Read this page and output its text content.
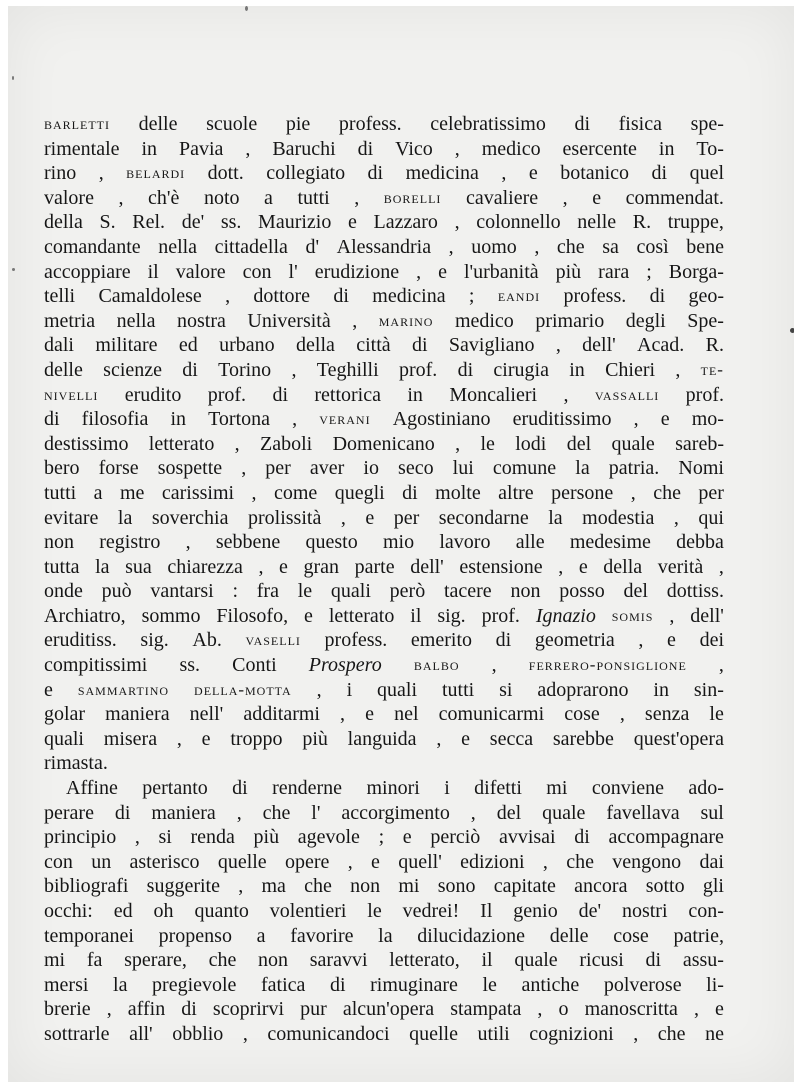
barletti delle scuole pie profess. celebratissimo di fisica spe-
rimentale in Pavia , Baruchi di Vico , medico esercente in To-
rino , belardi dott. collegiato di medicina , e botanico di quel
valore , ch'è noto a tutti , borelli cavaliere , e commendat.
della S. Rel. de' ss. Maurizio e Lazzaro , colonnello nelle R. truppe,
comandante nella cittadella d' Alessandria , uomo , che sa così bene
accoppiare il valore con l' erudizione , e l'urbanità più rara ; Borga-
telli Camaldolese , dottore di medicina ; eandi profess. di geo-
metria nella nostra Università , marino medico primario degli Spe-
dali militare ed urbano della città di Savigliano , dell' Acad. R.
delle scienze di Torino , Teghilli prof. di cirugia in Chieri , te-
nivelli erudito prof. di rettorica in Moncalieri , vassalli prof.
di filosofia in Tortona , verani Agostiniano eruditissimo , e mo-
destissimo letterato , Zaboli Domenicano , le lodi del quale sareb-
bero forse sospette , per aver io seco lui comune la patria. Nomi
tutti a me carissimi , come quegli di molte altre persone , che per
evitare la soverchia prolissità , e per secondarne la modestia , qui
non registro , sebbene questo mio lavoro alle medesime debba
tutta la sua chiarezza , e gran parte dell' estensione , e della verità ,
onde può vantarsi : fra le quali però tacere non posso del dottiss.
Archiatro, sommo Filosofo, e letterato il sig. prof. Ignazio somis , dell'
eruditiss. sig. Ab. vaselli profess. emerito di geometria , e dei
compitissimi ss. Conti Prospero balbo , ferrero-ponsiglione ,
e sammartino della-motta , i quali tutti si adoprarono in sin-
golar maniera nell' additarmi , e nel comunicarmi cose , senza le
quali misera , e troppo più languida , e secca sarebbe quest'opera
rimasta.
Affine pertanto di renderne minori i difetti mi conviene ado-
perare di maniera , che l' accorgimento , del quale favellava sul
principio , si renda più agevole ; e perciò avvisai di accompagnare
con un asterisco quelle opere , e quell' edizioni , che vengono dai
bibliografi suggerite , ma che non mi sono capitate ancora sotto gli
occhi: ed oh quanto volentieri le vedrei! Il genio de' nostri con-
temporanei propenso a favorire la dilucidazione delle cose patrie,
mi fa sperare, che non saravvi letterato, il quale ricusi di assu-
mersi la pregievole fatica di rimuginare le antiche polverose li-
brerie , affin di scoprirvi pur alcun'opera stampata , o manoscritta , e
sottrarle all' obblio , comunicandoci quelle utili cognizioni , che ne
